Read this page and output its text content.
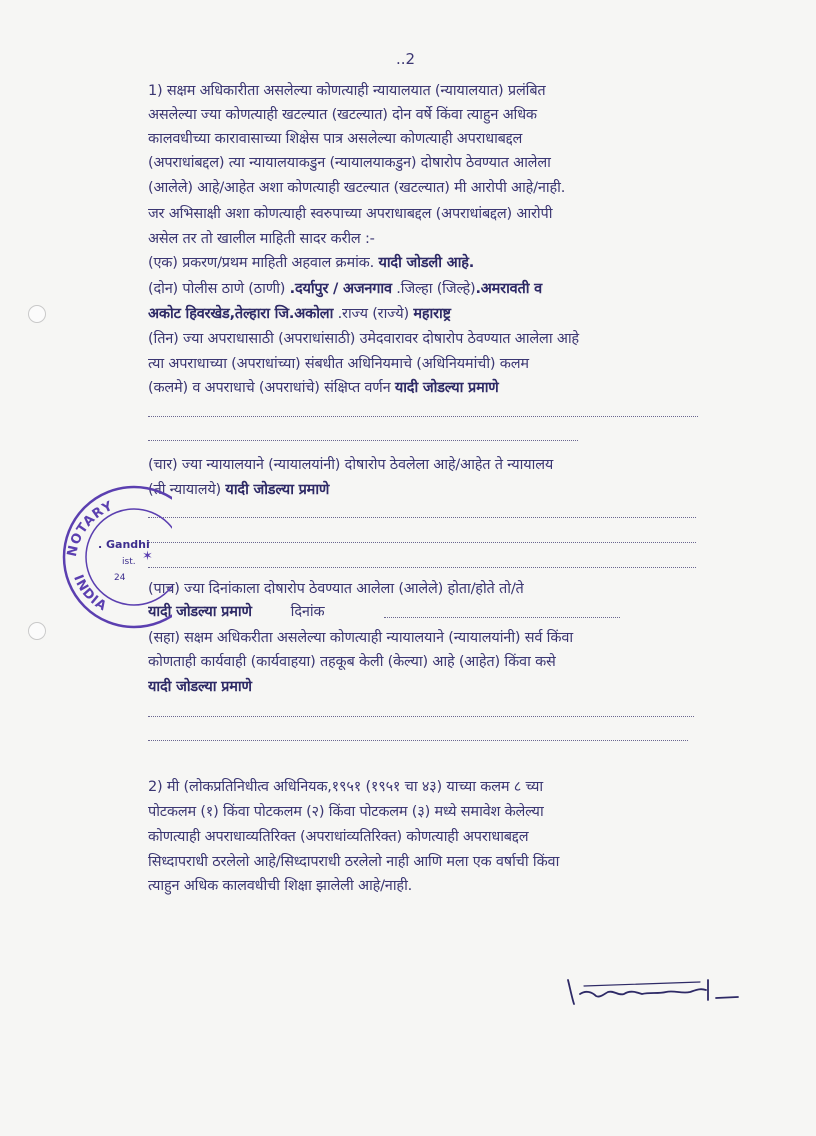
..2
1) सक्षम अधिकारीता असलेल्या कोणत्याही न्यायालयात (न्यायालयात) प्रलंबित
असलेल्या ज्या कोणत्याही खटल्यात (खटल्यात) दोन वर्षे किंवा त्याहुन अधिक
कालवधीच्या कारावासाच्या शिक्षेस पात्र असलेल्या कोणत्याही अपराधाबद्दल
(अपराधांबद्दल) त्या न्यायालयाकडुन (न्यायालयाकडुन) दोषारोप ठेवण्यात आलेला
(आलेले) आहे/आहेत अशा कोणत्याही खटल्यात (खटल्यात) मी आरोपी आहे/नाही.
जर अभिसाक्षी अशा कोणत्याही स्वरुपाच्या अपराधाबद्दल (अपराधांबद्दल) आरोपी
असेल तर तो खालील माहिती सादर करील :-
(एक) प्रकरण/प्रथम माहिती अहवाल क्रमांक. यादी जोडली आहे.
(दोन) पोलीस ठाणे (ठाणी) .दर्यापुर / अजनगाव .जिल्हा (जिल्हे).अमरावती व
अकोट हिवरखेड,तेल्हारा जि.अकोला .राज्य (राज्ये) महाराष्ट्र
(तिन) ज्या अपराधासाठी (अपराधांसाठी) उमेदवारावर दोषारोप ठेवण्यात आलेला आहे
त्या अपराधाच्या (अपराधांच्या) संबधीत अधिनियमाचे (अधिनियमांची) कलम
(कलमे) व अपराधाचे (अपराधांचे) संक्षिप्त वर्णन यादी जोडल्या प्रमाणे
(चार) ज्या न्यायालयाने (न्यायालयांनी) दोषारोप ठेवलेला आहे/आहेत ते न्यायालय
(ती न्यायालये) यादी जोडल्या प्रमाणे
(पाच) ज्या दिनांकाला दोषारोप ठेवण्यात आलेला (आलेले) होता/होते तो/ते
यादी जोडल्या प्रमाणे	दिनांक
(सहा) सक्षम अधिकरीता असलेल्या कोणत्याही न्यायालयाने (न्यायालयांनी) सर्व किंवा
कोणताही कार्यवाही (कार्यवाहया) तहकूब केली (केल्या) आहे (आहेत) किंवा कसे
यादी जोडल्या प्रमाणे
2) मी (लोकप्रतिनिधीत्व अधिनियक,१९५१ (१९५१ चा ४३) याच्या कलम ८ च्या
पोटकलम (१) किंवा पोटकलम (२) किंवा पोटकलम (३) मध्ये समावेश केलेल्या
कोणत्याही अपराधाव्यतिरिक्त (अपराधांव्यतिरिक्त) कोणत्याही अपराधाबद्दल
सिध्दापराधी ठरलेलो आहे/सिध्दापराधी ठरलेलो नाही आणि मला एक वर्षाची किंवा
त्याहुन अधिक कालवधीची शिक्षा झालेली आहे/नाही.
NOTARY
INDIA
. Gandhi
ist.
24
✶
